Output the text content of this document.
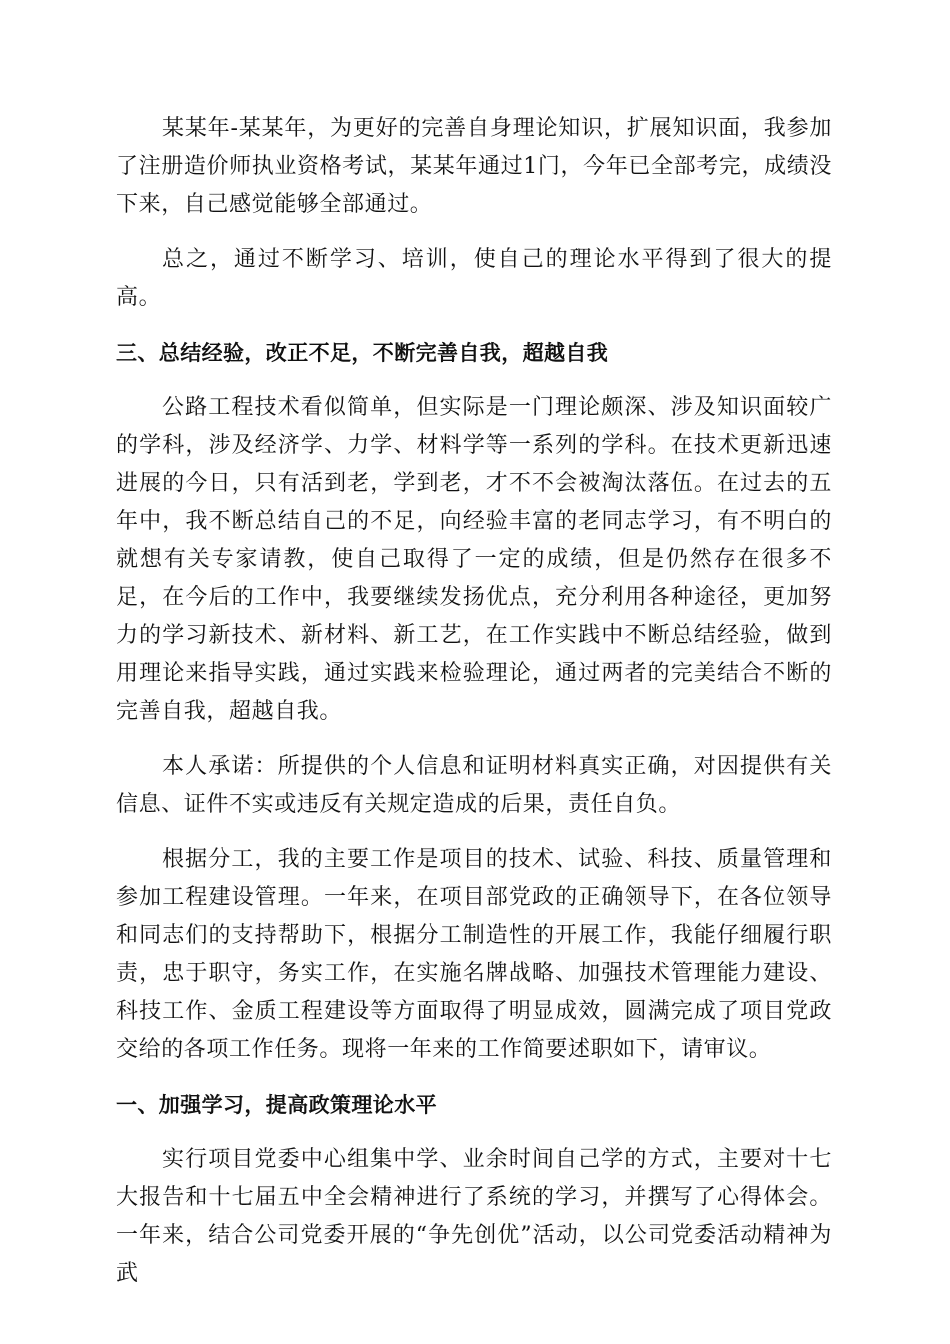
某某年-某某年，为更好的完善自身理论知识，扩展知识面，我参加了注册造价师执业资格考试，某某年通过1门，今年已全部考完，成绩没下来，自己感觉能够全部通过。

总之，通过不断学习、培训，使自己的理论水平得到了很大的提高。

三、总结经验，改正不足，不断完善自我，超越自我

公路工程技术看似简单，但实际是一门理论颇深、涉及知识面较广的学科，涉及经济学、力学、材料学等一系列的学科。在技术更新迅速进展的今日，只有活到老，学到老，才不不会被淘汰落伍。在过去的五年中，我不断总结自己的不足，向经验丰富的老同志学习，有不明白的就想有关专家请教，使自己取得了一定的成绩，但是仍然存在很多不足，在今后的工作中，我要继续发扬优点，充分利用各种途径，更加努力的学习新技术、新材料、新工艺，在工作实践中不断总结经验，做到用理论来指导实践，通过实践来检验理论，通过两者的完美结合不断的完善自我，超越自我。

本人承诺：所提供的个人信息和证明材料真实正确，对因提供有关信息、证件不实或违反有关规定造成的后果，责任自负。

根据分工，我的主要工作是项目的技术、试验、科技、质量管理和参加工程建设管理。一年来，在项目部党政的正确领导下，在各位领导和同志们的支持帮助下，根据分工制造性的开展工作，我能仔细履行职责，忠于职守，务实工作，在实施名牌战略、加强技术管理能力建设、科技工作、金质工程建设等方面取得了明显成效，圆满完成了项目党政交给的各项工作任务。现将一年来的工作简要述职如下，请审议。

一、加强学习，提高政策理论水平

实行项目党委中心组集中学、业余时间自己学的方式，主要对十七大报告和十七届五中全会精神进行了系统的学习，并撰写了心得体会。一年来，结合公司党委开展的“争先创优”活动，以公司党委活动精神为武
